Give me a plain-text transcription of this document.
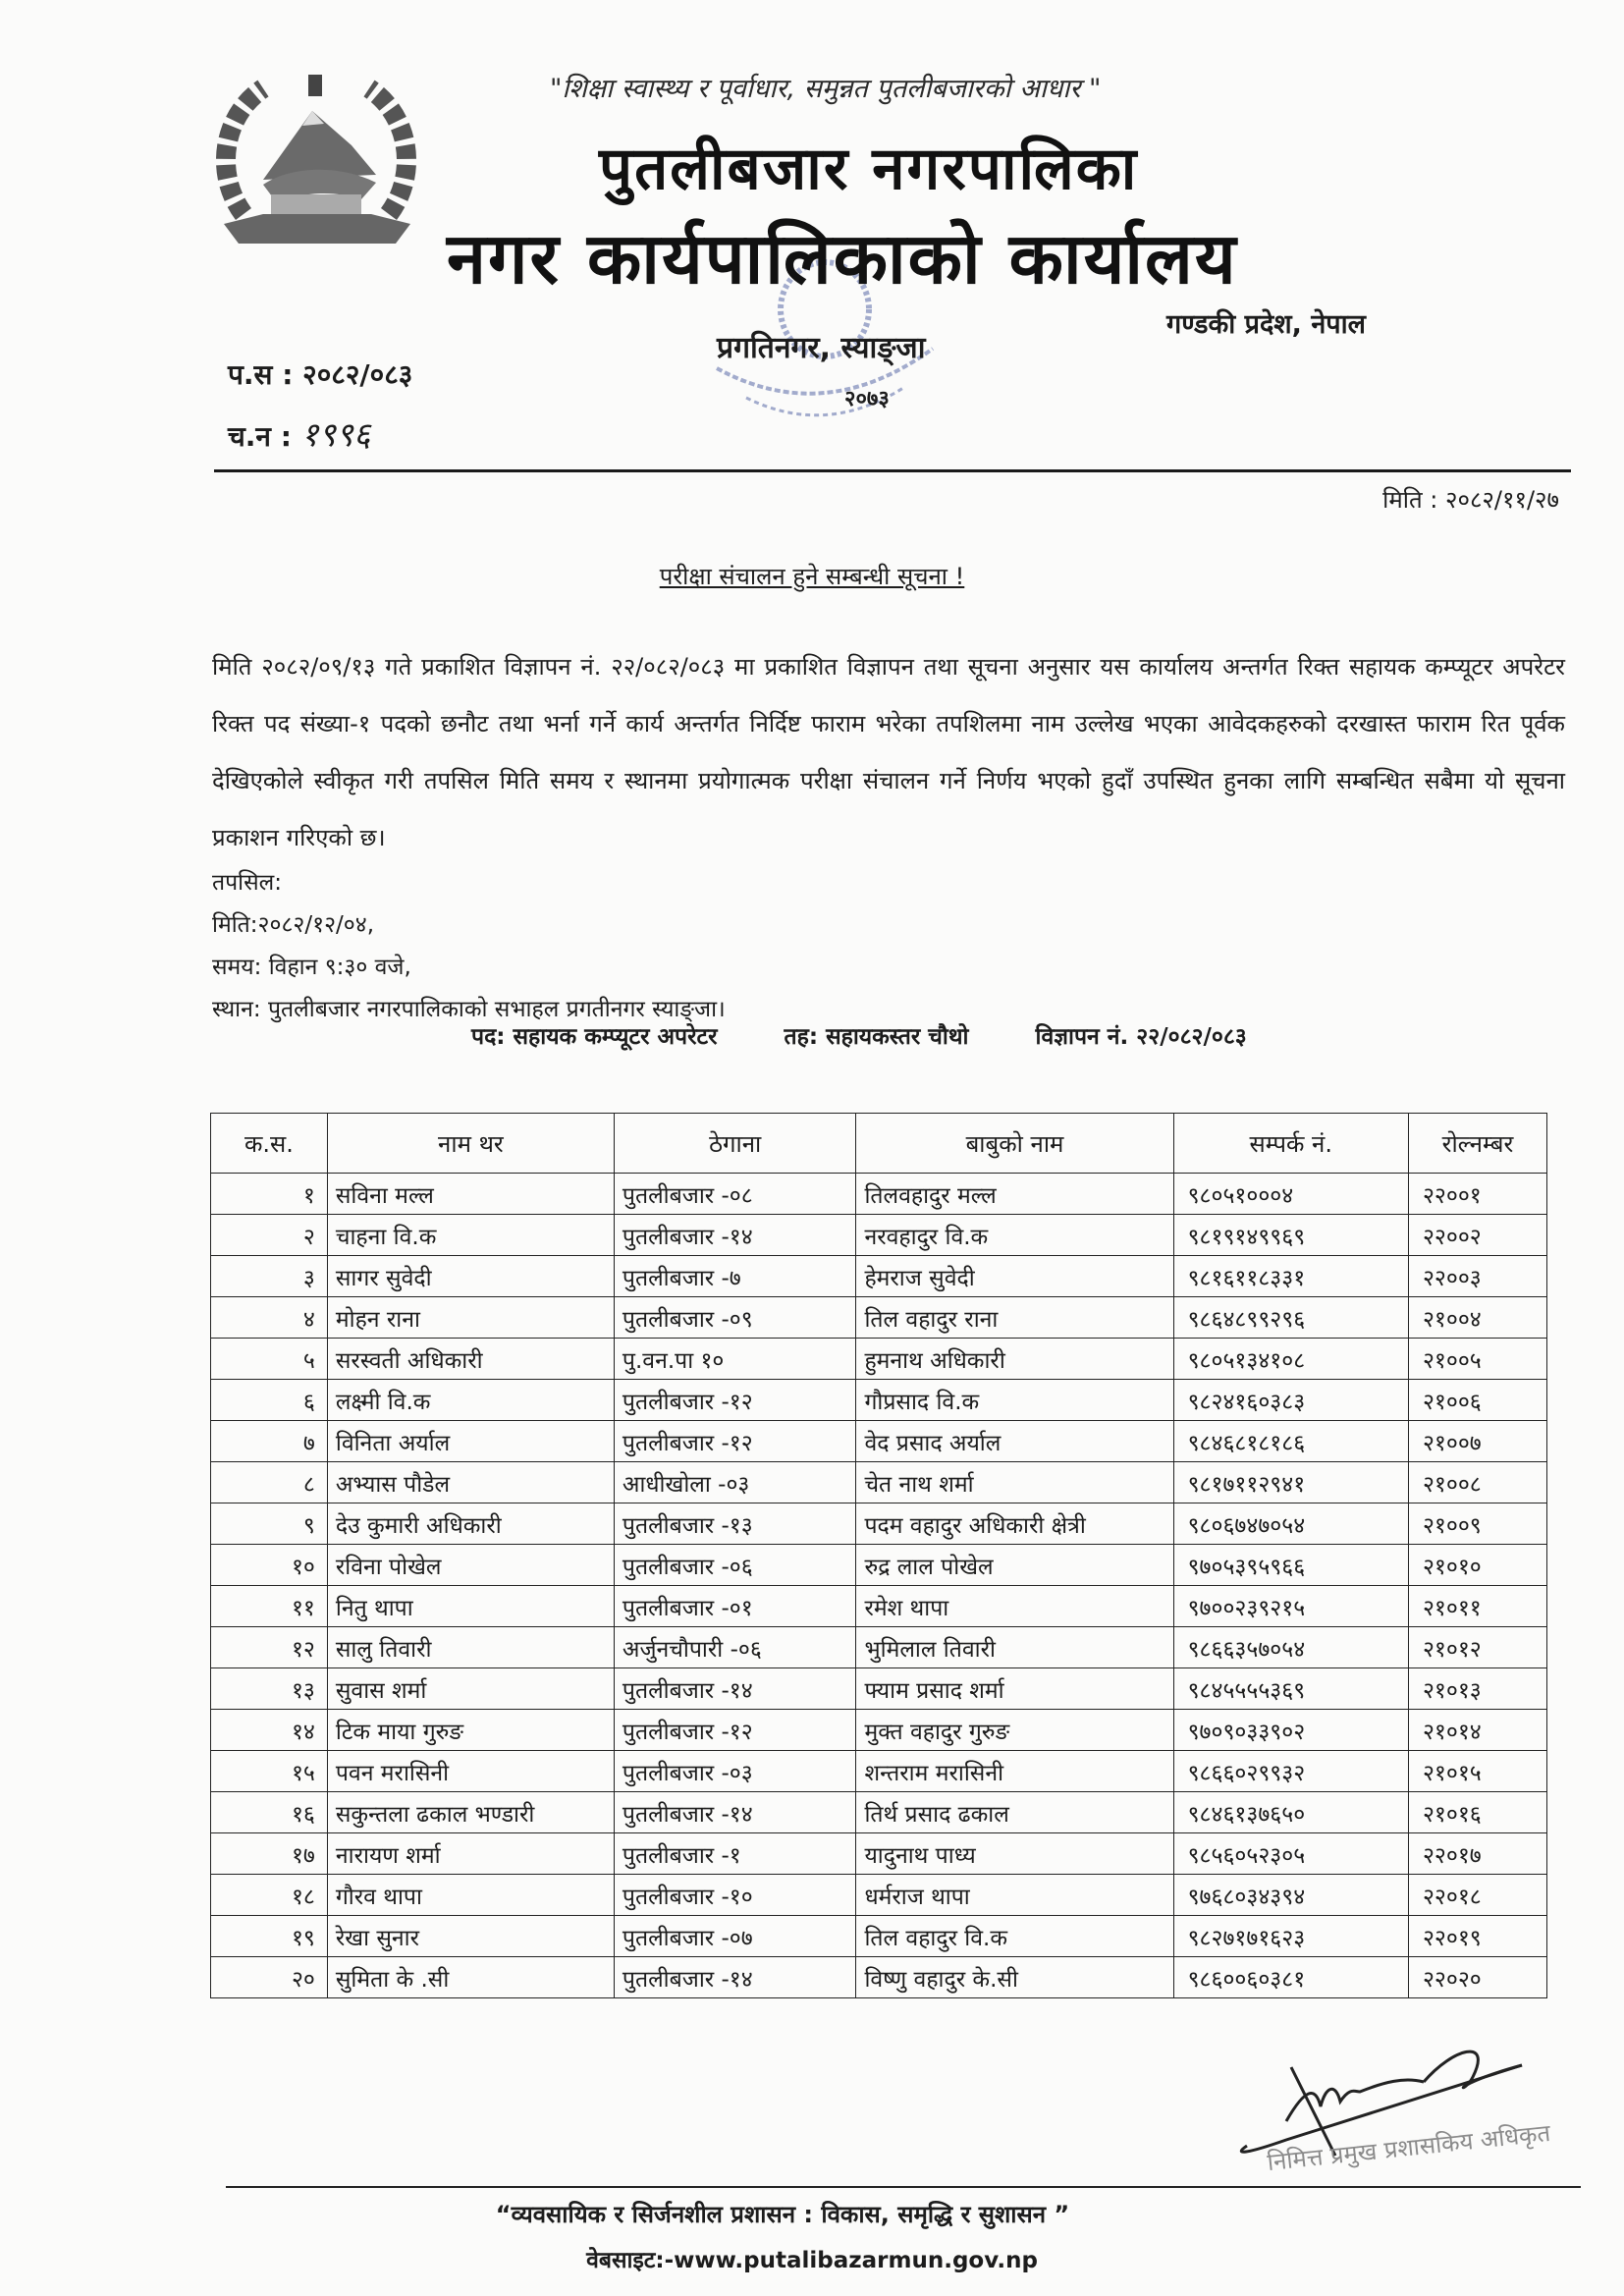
"शिक्षा स्वास्थ्य र पूर्वाधार, समुन्नत पुतलीबजारको आधार "
पुतलीबजार नगरपालिका
नगर कार्यपालिकाको कार्यालय
गण्डकी प्रदेश, नेपाल
प्रगतिनगर, स्याङ्जा
२०७३
प.स : २०८२/०८३
च.न : १९९६
मिति : २०८२/११/२७
परीक्षा संचालन हुने सम्बन्धी सूचना !
मिति २०८२/०९/१३ गते प्रकाशित विज्ञापन नं. २२/०८२/०८३ मा प्रकाशित विज्ञापन तथा सूचना अनुसार यस कार्यालय अन्तर्गत रिक्त सहायक कम्प्यूटर अपरेटर रिक्त पद संख्या-१ पदको छनौट तथा भर्ना गर्ने कार्य अन्तर्गत निर्दिष्ट फाराम भरेका तपशिलमा नाम उल्लेख भएका आवेदकहरुको दरखास्त फाराम रित पूर्वक देखिएकोले स्वीकृत गरी तपसिल मिति समय र स्थानमा प्रयोगात्मक परीक्षा संचालन गर्ने निर्णय भएको हुदाँ उपस्थित हुनका लागि सम्बन्धित सबैमा यो सूचना प्रकाशन गरिएको छ।
तपसिल:
मिति:२०८२/१२/०४,
समय: विहान ९:३० वजे,
स्थान: पुतलीबजार नगरपालिकाको सभाहल प्रगतीनगर स्याङ्जा।
पद: सहायक कम्प्यूटर अपरेटर	तह: सहायकस्तर चौथो	विज्ञापन नं. २२/०८२/०८३
क.स.	नाम थर	ठेगाना	बाबुको नाम	सम्पर्क नं.	रोल्नम्बर
१	सविना मल्ल	पुतलीबजार -०८	तिलवहादुर मल्ल	९८०५१०००४	२२००१
२	चाहना वि.क	पुतलीबजार -१४	नरवहादुर वि.क	९८१९१४९९६९	२२००२
३	सागर सुवेदी	पुतलीबजार -७	हेमराज सुवेदी	९८१६११८३३१	२२००३
४	मोहन राना	पुतलीबजार -०९	तिल वहादुर राना	९८६४८९९२९६	२१००४
५	सरस्वती अधिकारी	पु.वन.पा १०	हुमनाथ अधिकारी	९८०५१३४१०८	२१००५
६	लक्ष्मी वि.क	पुतलीबजार -१२	गौप्रसाद वि.क	९८२४१६०३८३	२१००६
७	विनिता अर्याल	पुतलीबजार -१२	वेद प्रसाद अर्याल	९८४६८१८१८६	२१००७
८	अभ्यास पौडेल	आधीखोला -०३	चेत नाथ शर्मा	९८१७११२९४१	२१००८
९	देउ कुमारी अधिकारी	पुतलीबजार -१३	पदम वहादुर अधिकारी क्षेत्री	९८०६७४७०५४	२१००९
१०	रविना पोखेल	पुतलीबजार -०६	रुद्र लाल पोखेल	९७०५३९५९६६	२१०१०
११	नितु थापा	पुतलीबजार -०१	रमेश थापा	९७००२३९२१५	२१०११
१२	सालु तिवारी	अर्जुनचौपारी -०६	भुमिलाल तिवारी	९८६६३५७०५४	२१०१२
१३	सुवास शर्मा	पुतलीबजार -१४	फ्याम प्रसाद शर्मा	९८४५५५५३६९	२१०१३
१४	टिक माया गुरुङ	पुतलीबजार -१२	मुक्त वहादुर गुरुङ	९७०९०३३९०२	२१०१४
१५	पवन मरासिनी	पुतलीबजार -०३	शन्तराम मरासिनी	९८६६०२९९३२	२१०१५
१६	सकुन्तला ढकाल भण्डारी	पुतलीबजार -१४	तिर्थ प्रसाद ढकाल	९८४६१३७६५०	२१०१६
१७	नारायण शर्मा	पुतलीबजार -१	यादुनाथ पाध्य	९८५६०५२३०५	२२०१७
१८	गौरव थापा	पुतलीबजार -१०	धर्मराज थापा	९७६८०३४३९४	२२०१८
१९	रेखा सुनार	पुतलीबजार -०७	तिल वहादुर वि.क	९८२७१७१६२३	२२०१९
२०	सुमिता के .सी	पुतलीबजार -१४	विष्णु वहादुर के.सी	९८६००६०३८१	२२०२०
निमित्त प्रमुख प्रशासकिय अधिकृत
“व्यवसायिक र सिर्जनशील प्रशासन : विकास, समृद्धि र सुशासन ”
वेबसाइट:-www.putalibazarmun.gov.np
